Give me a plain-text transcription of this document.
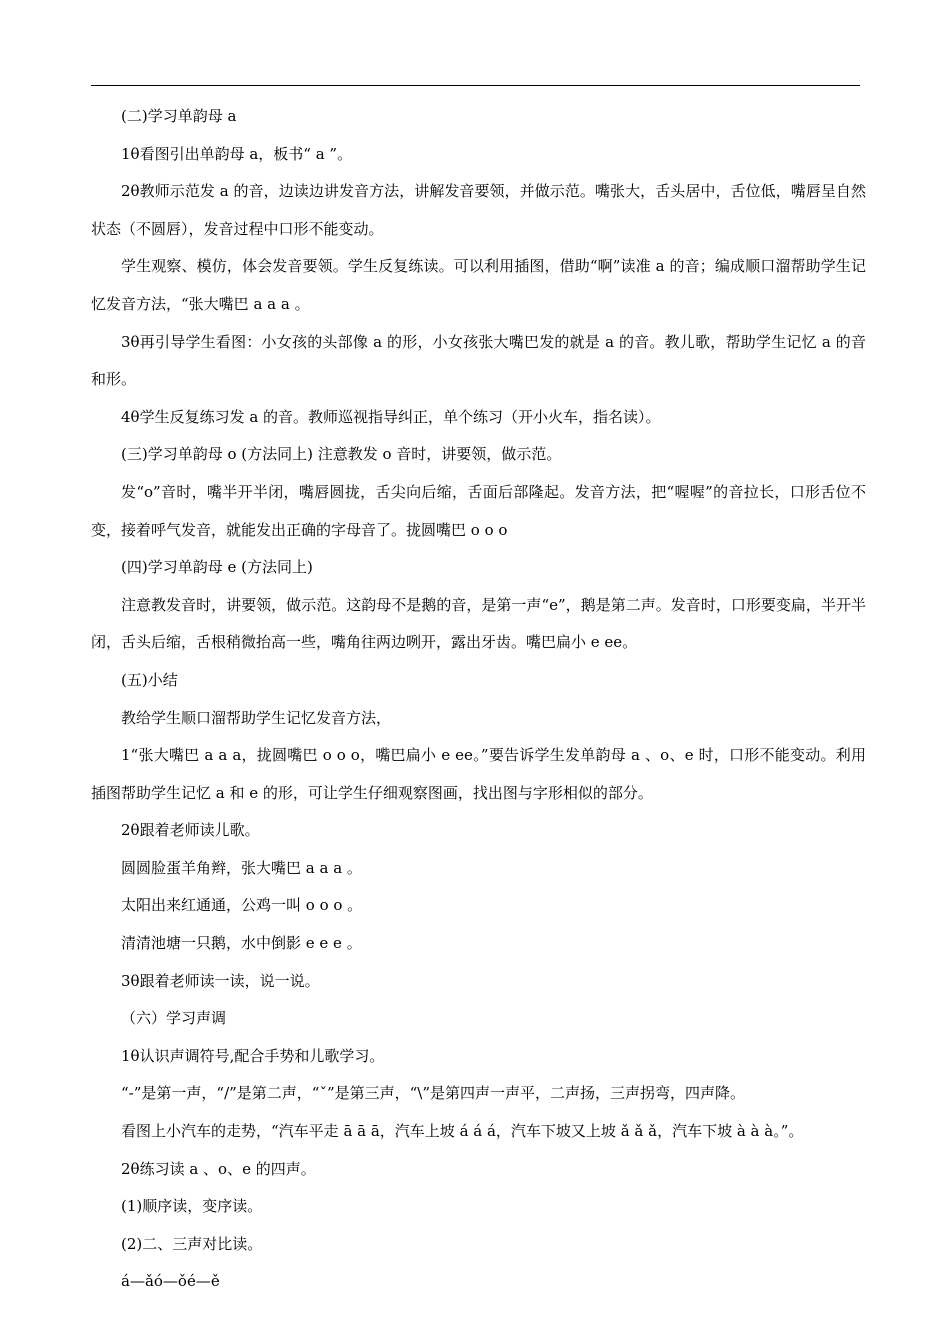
(二)学习单韵母 a

1θ看图引出单韵母 a，板书“ a ”。

2θ教师示范发 a 的音，边读边讲发音方法，讲解发音要领，并做示范。嘴张大，舌头居中，舌位低，嘴唇呈自然状态（不圆唇），发音过程中口形不能变动。

学生观察、模仿，体会发音要领。学生反复练读。可以利用插图，借助“啊”读准 a 的音；编成顺口溜帮助学生记忆发音方法，“张大嘴巴 a a a 。

3θ再引导学生看图：小女孩的头部像 a 的形，小女孩张大嘴巴发的就是 a 的音。教儿歌，帮助学生记忆 a 的音和形。

4θ学生反复练习发 a 的音。教师巡视指导纠正，单个练习（开小火车，指名读）。

(三)学习单韵母 o (方法同上) 注意教发 o 音时，讲要领，做示范。

发“o”音时，嘴半开半闭，嘴唇圆拢，舌尖向后缩，舌面后部隆起。发音方法，把“喔喔”的音拉长，口形舌位不变，接着呼气发音，就能发出正确的字母音了。拢圆嘴巴 o o o

(四)学习单韵母 e (方法同上)

注意教发音时，讲要领，做示范。这韵母不是鹅的音，是第一声“e”，鹅是第二声。发音时，口形要变扁，半开半闭，舌头后缩，舌根稍微抬高一些，嘴角往两边咧开，露出牙齿。嘴巴扁小 e ee。

(五)小结

教给学生顺口溜帮助学生记忆发音方法，

1“张大嘴巴 a a a，拢圆嘴巴 o o o，嘴巴扁小 e ee。”要告诉学生发单韵母 a 、o、e 时，口形不能变动。利用插图帮助学生记忆 a 和 e 的形，可让学生仔细观察图画，找出图与字形相似的部分。

2θ跟着老师读儿歌。

圆圆脸蛋羊角辫，张大嘴巴 a a a 。

太阳出来红通通，公鸡一叫 o o o 。

清清池塘一只鹅，水中倒影 e e e 。

3θ跟着老师读一读，说一说。

（六）学习声调

1θ认识声调符号,配合手势和儿歌学习。

“-”是第一声，“/”是第二声，“ˇ”是第三声，“\”是第四声一声平，二声扬，三声拐弯，四声降。

看图上小汽车的走势，“汽车平走 ā ā ā，汽车上坡 á á á，汽车下坡又上坡 ǎ ǎ ǎ，汽车下坡 à à à。”。

2θ练习读 a 、o、e 的四声。

(1)顺序读，变序读。

(2)二、三声对比读。

á—ǎó—ǒé—ě
